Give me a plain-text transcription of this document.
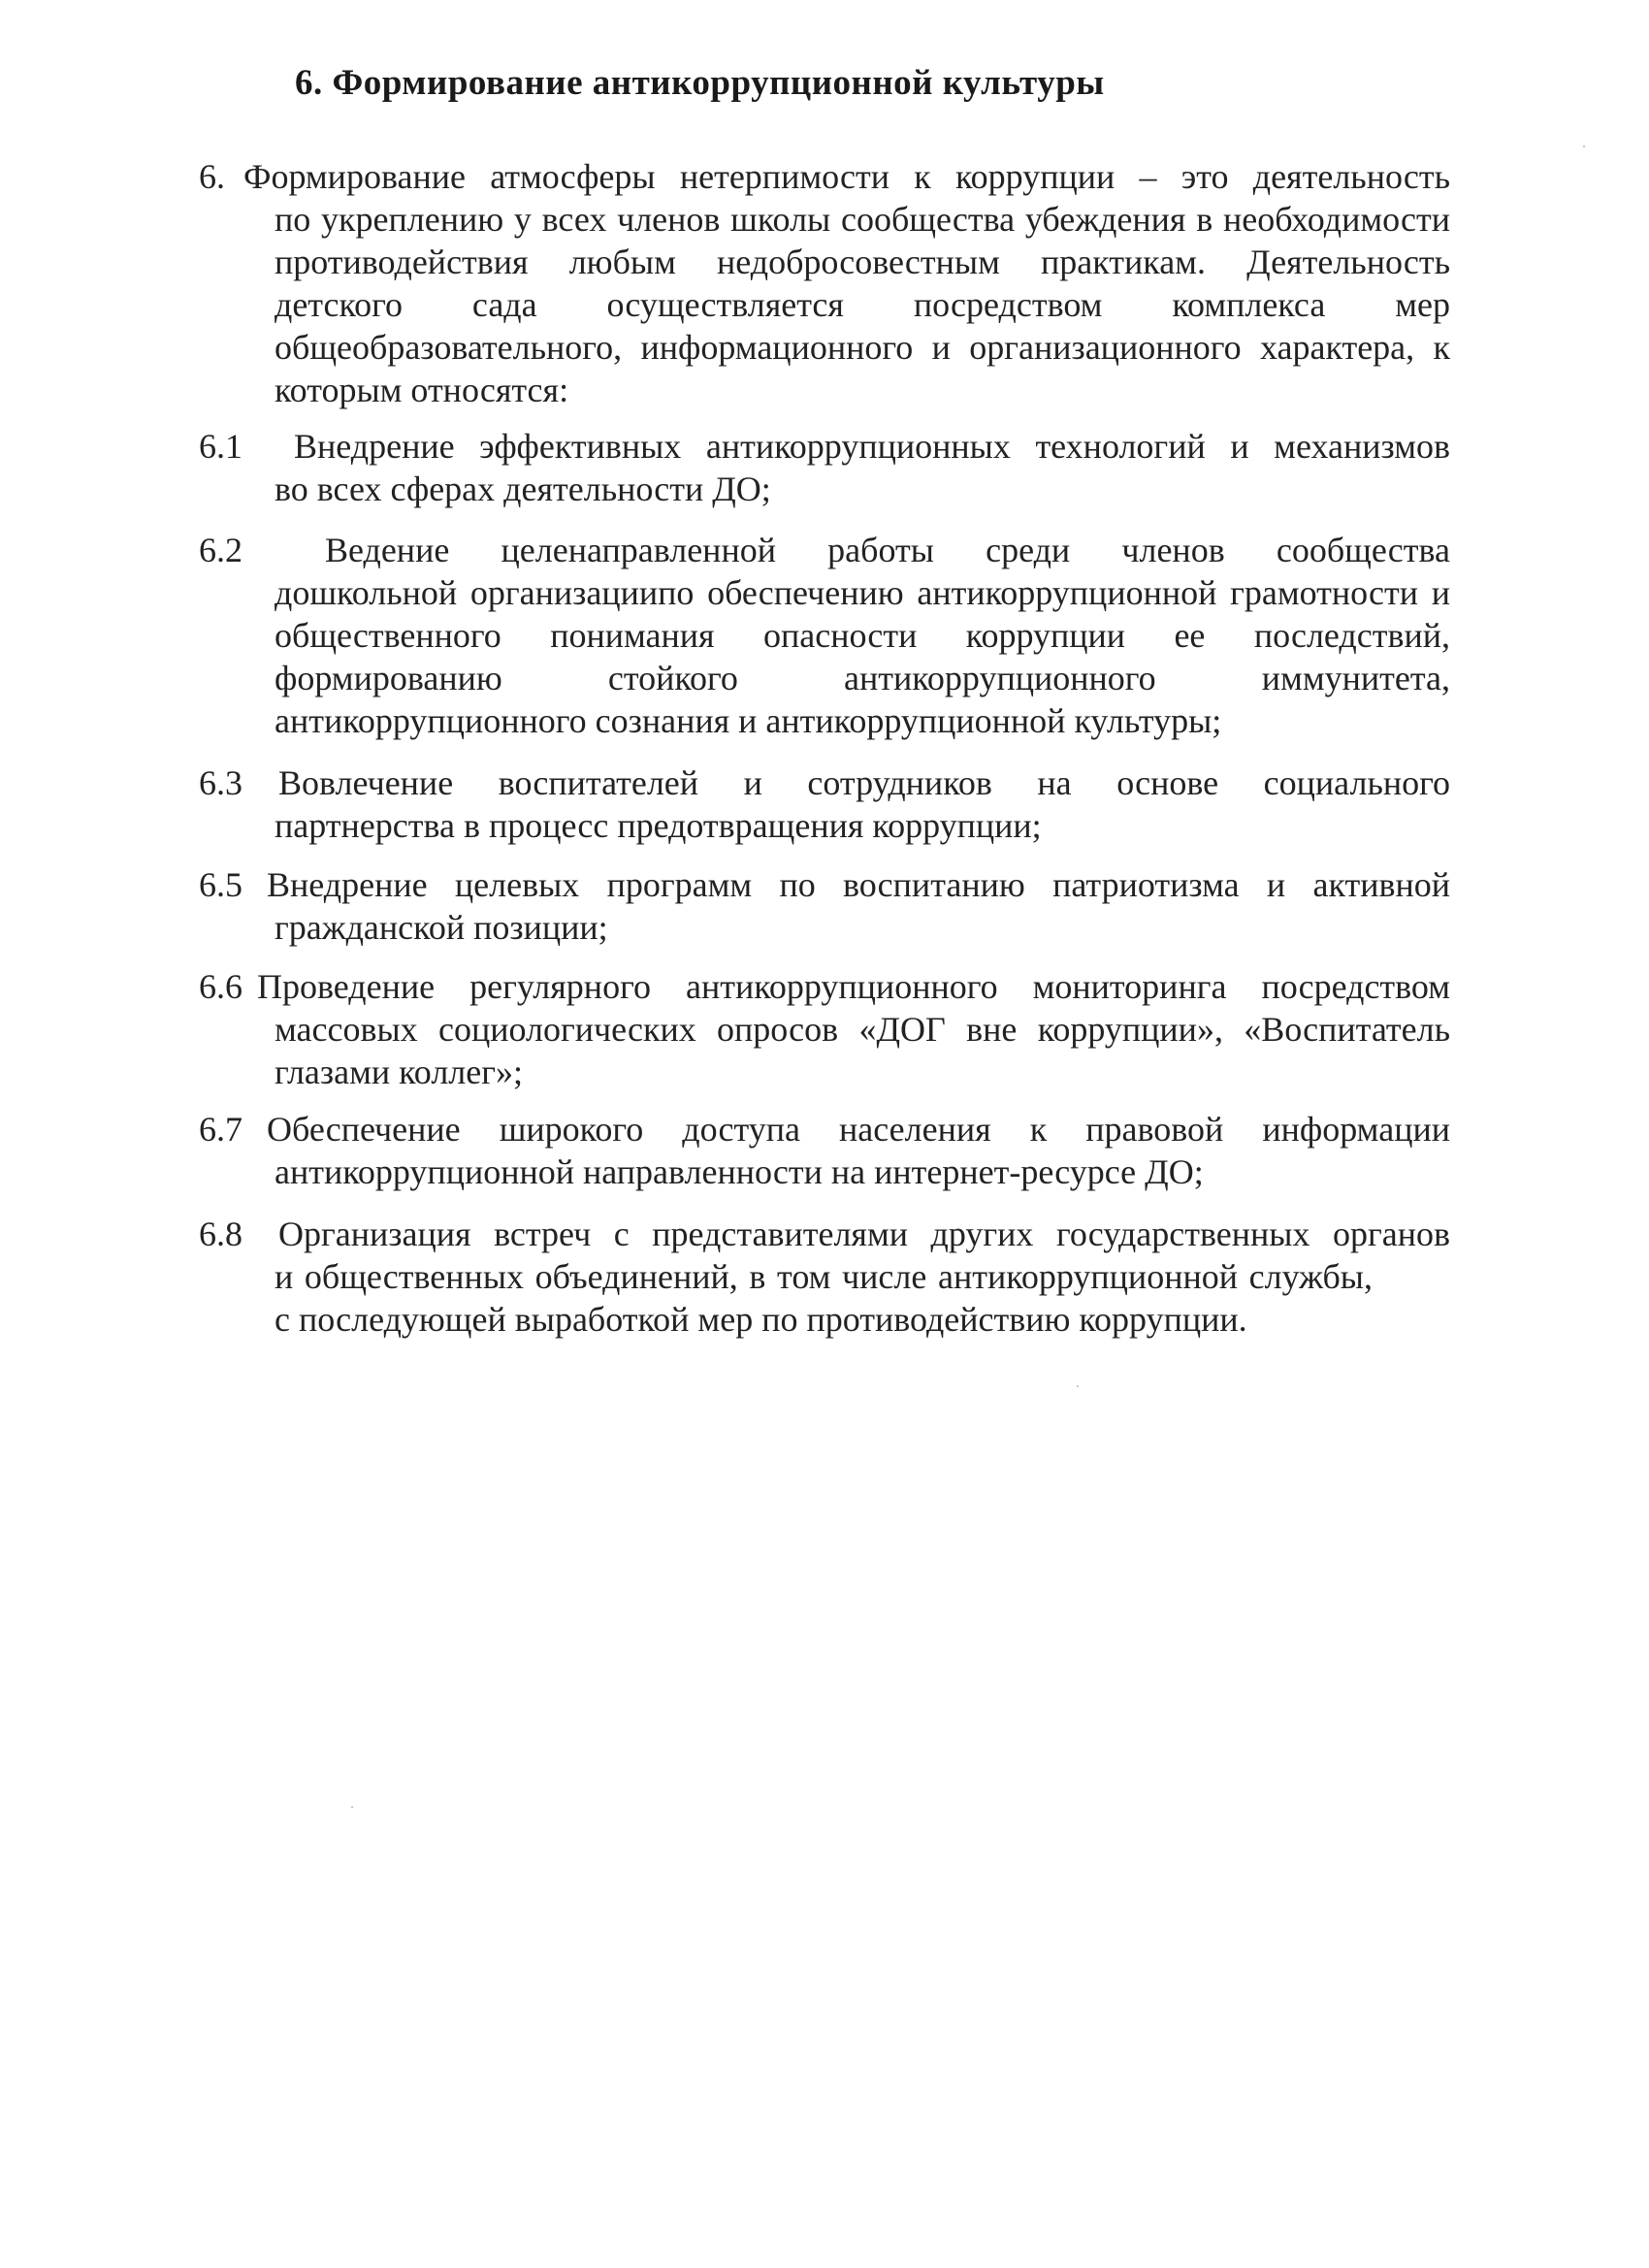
6. Формирование антикоррупционной культуры
6. Формирование атмосферы нетерпимости к коррупции – это деятельность
по укреплению у всех членов школы сообщества убеждения в необходимости противодействия любым недобросовестным практикам. Деятельность детского сада осуществляется посредством комплекса мер общеобразовательного, информационного и организационного характера, к которым относятся:
6.1 Внедрение эффективных антикоррупционных технологий и механизмов
во всех сферах деятельности ДО;
6.2 Ведение целенаправленной работы среди членов сообщества
дошкольной организациипо обеспечению антикоррупционной грамотности и общественного понимания опасности коррупции ее последствий, формированию стойкого антикоррупционного иммунитета, антикоррупционного сознания и антикоррупционной культуры;
6.3 Вовлечение воспитателей и сотрудников на основе социального
партнерства в процесс предотвращения коррупции;
6.5 Внедрение целевых программ по воспитанию патриотизма и активной
гражданской позиции;
6.6 Проведение регулярного антикоррупционного мониторинга посредством
массовых социологических опросов «ДОГ вне коррупции», «Воспитатель глазами коллег»;
6.7 Обеспечение широкого доступа населения к правовой информации
антикоррупционной направленности на интернет-ресурсе ДО;
6.8 Организация встреч с представителями других государственных органов
и общественных объединений, в том числе антикоррупционной службы, с последующей выработкой мер по противодействию коррупции.
